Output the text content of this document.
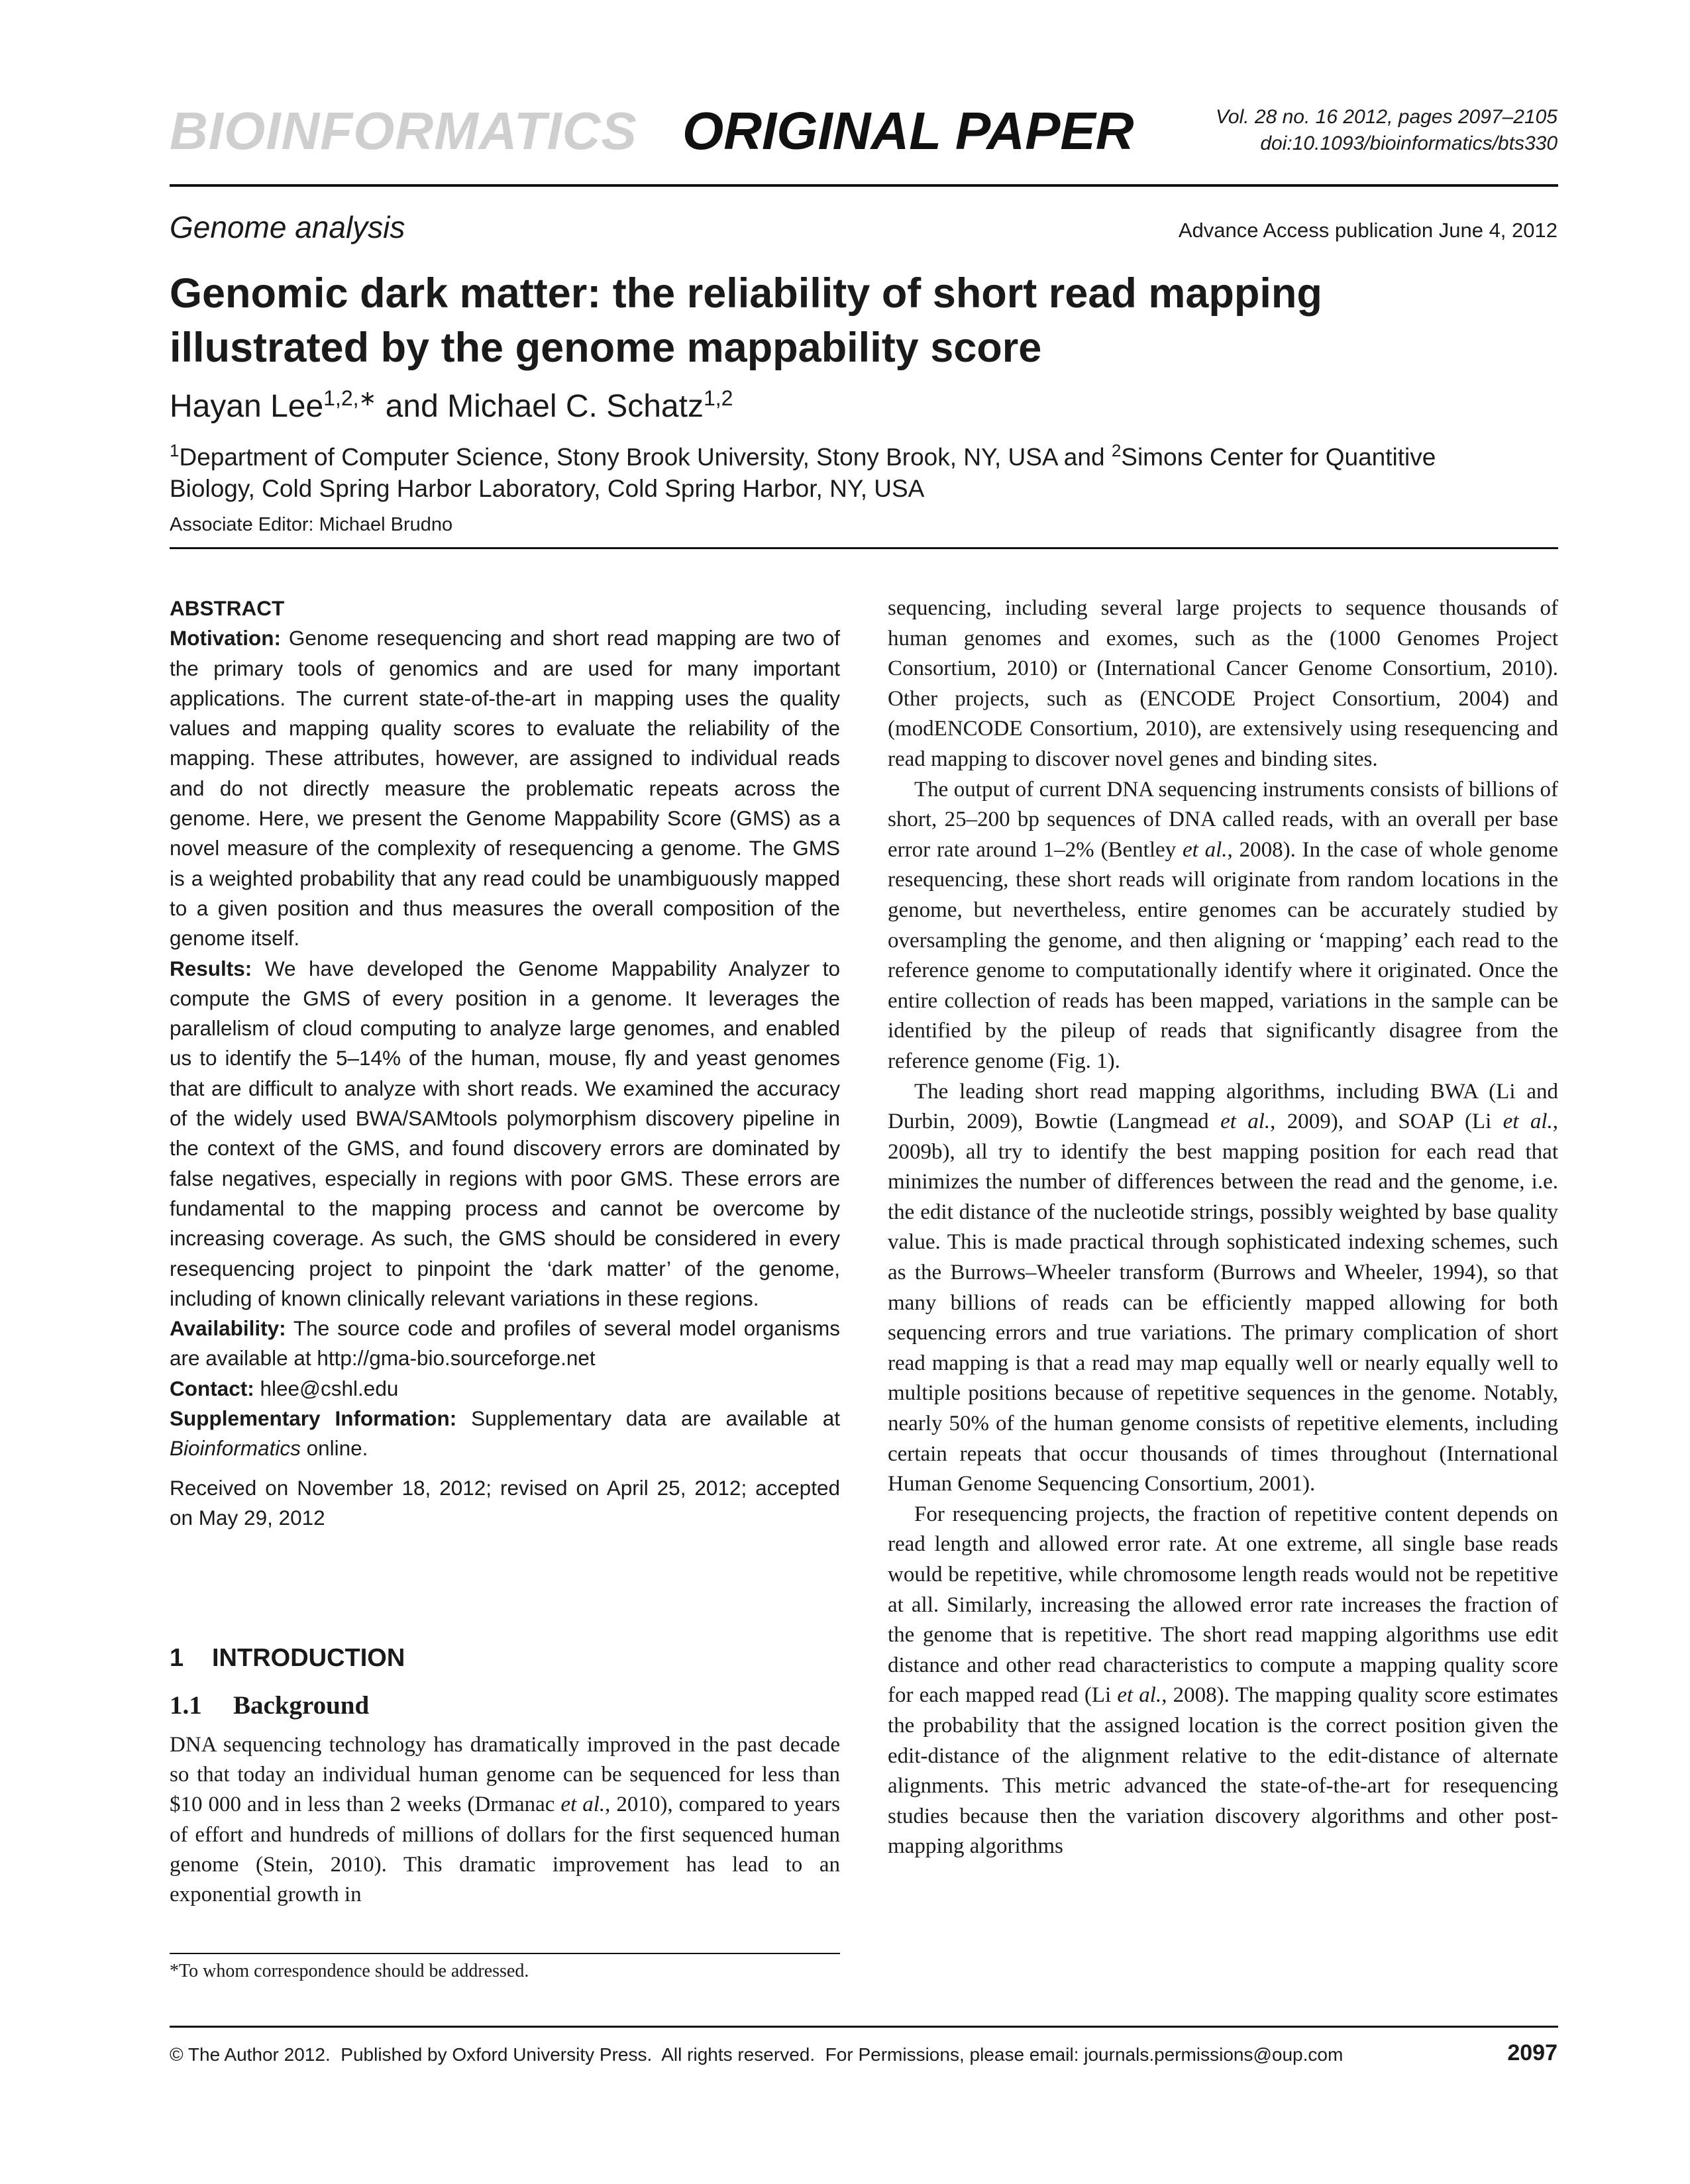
BIOINFORMATICS ORIGINAL PAPER	Vol. 28 no. 16 2012, pages 2097–2105
doi:10.1093/bioinformatics/bts330
Genome analysis	Advance Access publication June 4, 2012
Genomic dark matter: the reliability of short read mapping
illustrated by the genome mappability score
Hayan Lee$^{1,2,∗}$ and Michael C. Schatz$^{1,2}$
$^1$Department of Computer Science, Stony Brook University, Stony Brook, NY, USA and $^2$Simons Center for Quantitive Biology, Cold Spring Harbor Laboratory, Cold Spring Harbor, NY, USA
Associate Editor: Michael Brudno

ABSTRACT

Motivation: Genome resequencing and short read mapping are two of the primary tools of genomics and are used for many important applications. The current state-of-the-art in mapping uses the quality values and mapping quality scores to evaluate the reliability of the mapping. These attributes, however, are assigned to individual reads and do not directly measure the problematic repeats across the genome. Here, we present the Genome Mappability Score (GMS) as a novel measure of the complexity of resequencing a genome. The GMS is a weighted probability that any read could be unambiguously mapped to a given position and thus measures the overall composition of the genome itself.

Results: We have developed the Genome Mappability Analyzer to compute the GMS of every position in a genome. It leverages the parallelism of cloud computing to analyze large genomes, and enabled us to identify the 5–14% of the human, mouse, fly and yeast genomes that are difficult to analyze with short reads. We examined the accuracy of the widely used BWA/SAMtools polymorphism discovery pipeline in the context of the GMS, and found discovery errors are dominated by false negatives, especially in regions with poor GMS. These errors are fundamental to the mapping process and cannot be overcome by increasing coverage. As such, the GMS should be considered in every resequencing project to pinpoint the ‘dark matter’ of the genome, including of known clinically relevant variations in these regions.

Availability: The source code and profiles of several model organisms are available at http://gma-bio.sourceforge.net

Contact: hlee@cshl.edu

Supplementary Information: Supplementary data are available at Bioinformatics online.

Received on November 18, 2012; revised on April 25, 2012; accepted on May 29, 2012

1 INTRODUCTION
1.1 Background

DNA sequencing technology has dramatically improved in the past decade so that today an individual human genome can be sequenced for less than $10 000 and in less than 2 weeks (Drmanac et al., 2010), compared to years of effort and hundreds of millions of dollars for the first sequenced human genome (Stein, 2010). This dramatic improvement has lead to an exponential growth in

*To whom correspondence should be addressed.

sequencing, including several large projects to sequence thousands of human genomes and exomes, such as the (1000 Genomes Project Consortium, 2010) or (International Cancer Genome Consortium, 2010). Other projects, such as (ENCODE Project Consortium, 2004) and (modENCODE Consortium, 2010), are extensively using resequencing and read mapping to discover novel genes and binding sites.

The output of current DNA sequencing instruments consists of billions of short, 25–200 bp sequences of DNA called reads, with an overall per base error rate around 1–2% (Bentley et al., 2008). In the case of whole genome resequencing, these short reads will originate from random locations in the genome, but nevertheless, entire genomes can be accurately studied by oversampling the genome, and then aligning or ‘mapping’ each read to the reference genome to computationally identify where it originated. Once the entire collection of reads has been mapped, variations in the sample can be identified by the pileup of reads that significantly disagree from the reference genome (Fig. 1).

The leading short read mapping algorithms, including BWA (Li and Durbin, 2009), Bowtie (Langmead et al., 2009), and SOAP (Li et al., 2009b), all try to identify the best mapping position for each read that minimizes the number of differences between the read and the genome, i.e. the edit distance of the nucleotide strings, possibly weighted by base quality value. This is made practical through sophisticated indexing schemes, such as the Burrows–Wheeler transform (Burrows and Wheeler, 1994), so that many billions of reads can be efficiently mapped allowing for both sequencing errors and true variations. The primary complication of short read mapping is that a read may map equally well or nearly equally well to multiple positions because of repetitive sequences in the genome. Notably, nearly 50% of the human genome consists of repetitive elements, including certain repeats that occur thousands of times throughout (International Human Genome Sequencing Consortium, 2001).

For resequencing projects, the fraction of repetitive content depends on read length and allowed error rate. At one extreme, all single base reads would be repetitive, while chromosome length reads would not be repetitive at all. Similarly, increasing the allowed error rate increases the fraction of the genome that is repetitive. The short read mapping algorithms use edit distance and other read characteristics to compute a mapping quality score for each mapped read (Li et al., 2008). The mapping quality score estimates the probability that the assigned location is the correct position given the edit-distance of the alignment relative to the edit-distance of alternate alignments. This metric advanced the state-of-the-art for resequencing studies because then the variation discovery algorithms and other post-mapping algorithms

© The Author 2012.  Published by Oxford University Press.  All rights reserved.  For Permissions, please email: journals.permissions@oup.com	2097
